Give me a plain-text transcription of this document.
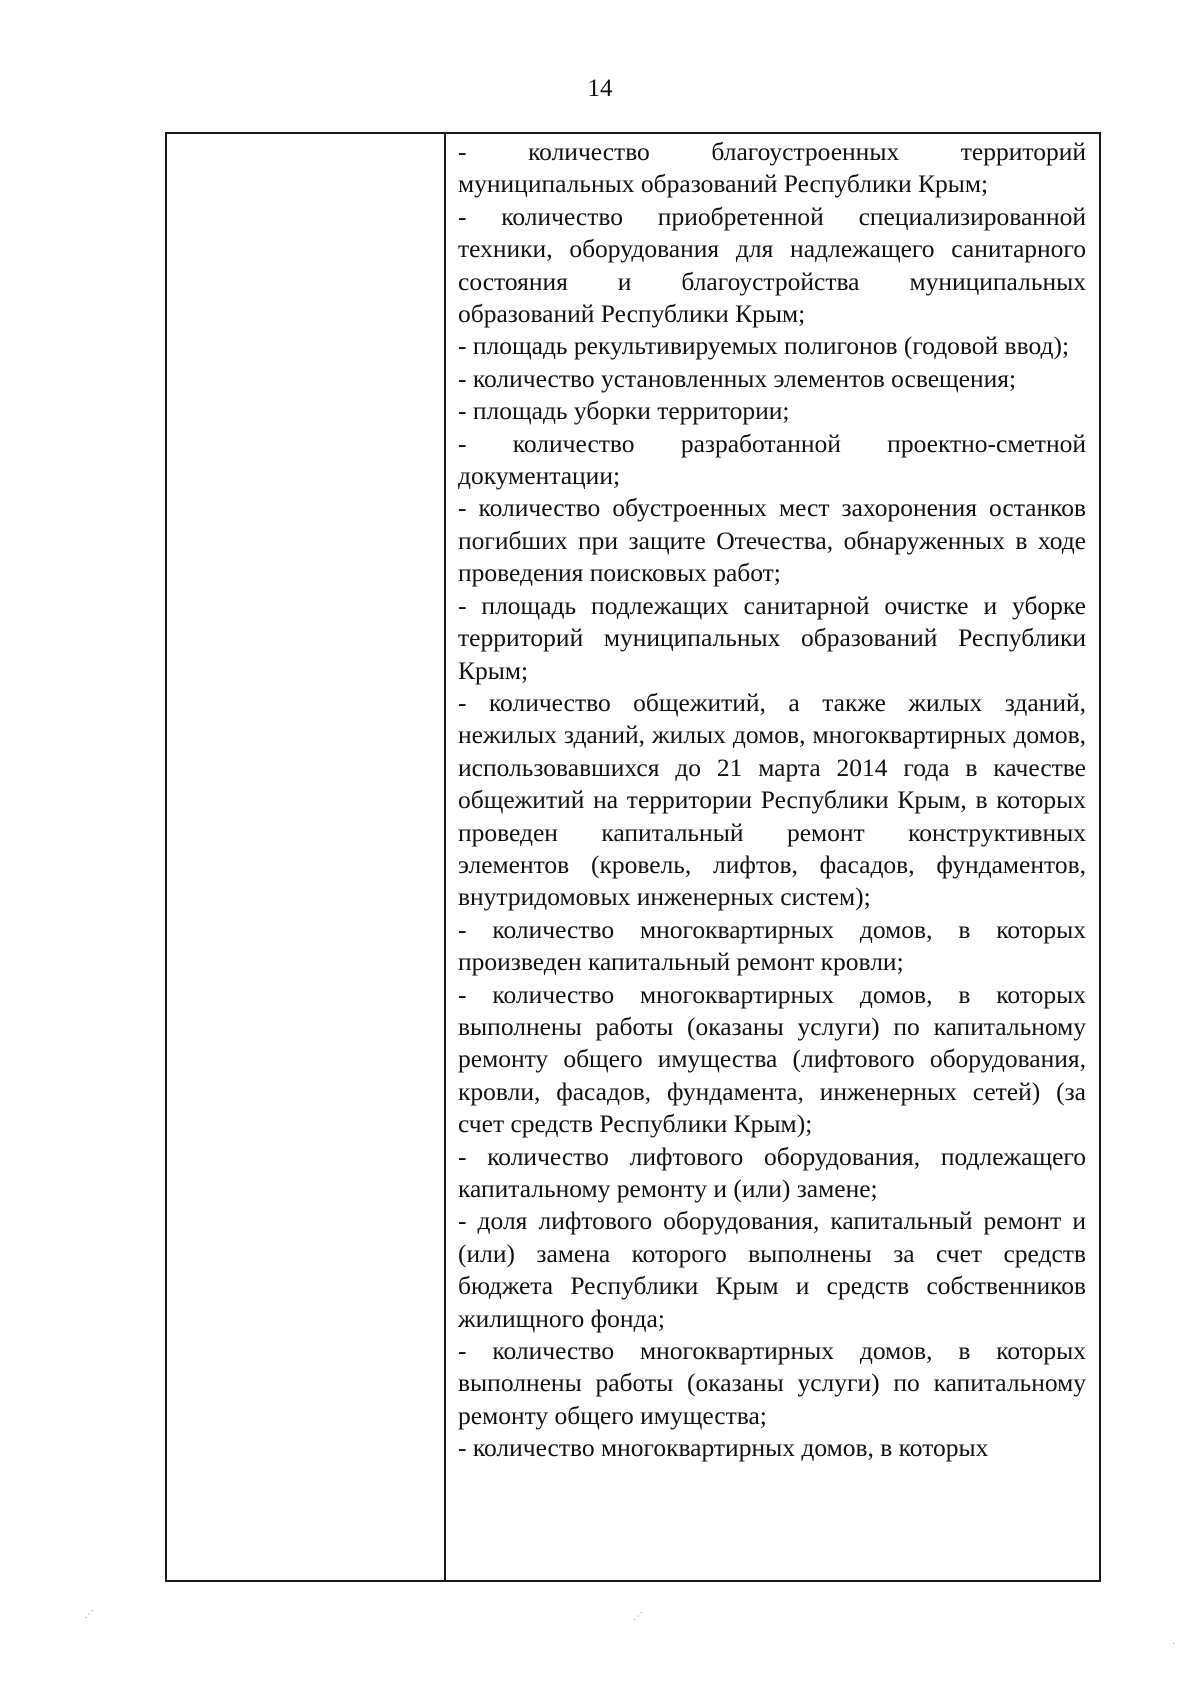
14

- количество благоустроенных территорий муниципальных образований Республики Крым;

- количество приобретенной специализированной техники, оборудования для надлежащего санитарного состояния и благоустройства муниципальных образований Республики Крым;

- площадь рекультивируемых полигонов (годовой ввод);

- количество установленных элементов освещения;

- площадь уборки территории;

- количество разработанной проектно-сметной документации;

- количество обустроенных мест захоронения останков погибших при защите Отечества, обнаруженных в ходе проведения поисковых работ;

- площадь подлежащих санитарной очистке и уборке территорий муниципальных образований Республики Крым;

- количество общежитий, а также жилых зданий, нежилых зданий, жилых домов, многоквартирных домов, использовавшихся до 21 марта 2014 года в качестве общежитий на территории Республики Крым, в которых проведен капитальный ремонт конструктивных элементов (кровель, лифтов, фасадов, фундаментов, внутридомовых инженерных систем);

- количество многоквартирных домов, в которых произведен капитальный ремонт кровли;

- количество многоквартирных домов, в которых выполнены работы (оказаны услуги) по капитальному ремонту общего имущества (лифтового оборудования, кровли, фасадов, фундамента, инженерных сетей) (за счет средств Республики Крым);

- количество лифтового оборудования, подлежащего капитальному ремонту и (или) замене;

- доля лифтового оборудования, капитальный ремонт и (или) замена которого выполнены за счет средств бюджета Республики Крым и средств собственников жилищного фонда;

- количество многоквартирных домов, в которых выполнены работы (оказаны услуги) по капитальному ремонту общего имущества;

- количество многоквартирных домов, в которых

⋰	⋰
·
